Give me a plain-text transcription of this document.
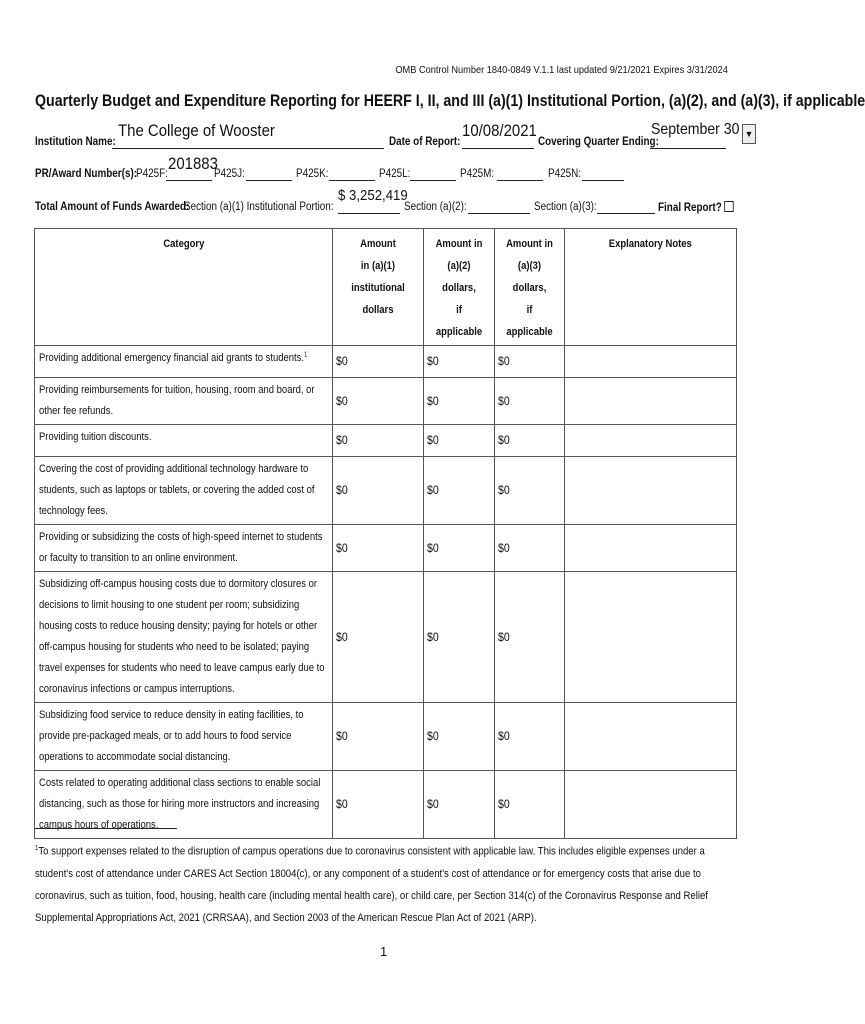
OMB Control Number 1840-0849 V.1.1 last updated 9/21/2021 Expires 3/31/2024
Quarterly Budget and Expenditure Reporting for HEERF I, II, and III (a)(1) Institutional Portion, (a)(2), and (a)(3), if applicable
Institution Name:
The College of Wooster
Date of Report:
10/08/2021
Covering Quarter Ending:
September 30 ▼
PR/Award Number(s):
P425F:
201883
P425J:	P425K:	P425L:	P425M:	P425N:
Total Amount of Funds Awarded:
Section (a)(1) Institutional Portion:
$ 3,252,419
Section (a)(2):	Section (a)(3):	Final Report?
Category	Amount
in (a)(1)
institutional dollars	Amount in
(a)(2) dollars,
if applicable	Amount in
(a)(3) dollars,
if applicable	Explanatory Notes

Providing additional emergency financial aid grants to students.$^1$	$0	$0	$0	

Providing reimbursements for tuition, housing, room and board, or other fee refunds.	$0	$0	$0	

Providing tuition discounts.	$0	$0	$0	

Covering the cost of providing additional technology hardware to students, such as laptops or tablets, or covering the added cost of technology fees.	$0	$0	$0	

Providing or subsidizing the costs of high-speed internet to students or faculty to transition to an online environment.	$0	$0	$0	

Subsidizing off-campus housing costs due to dormitory closures or decisions to limit housing to one student per room; subsidizing housing costs to reduce housing density; paying for hotels or other off-campus housing for students who need to be isolated; paying travel expenses for students who need to leave campus early due to coronavirus infections or campus interruptions.	$0	$0	$0	

Subsidizing food service to reduce density in eating facilities, to provide pre-packaged meals, or to add hours to food service operations to accommodate social distancing.	$0	$0	$0	

Costs related to operating additional class sections to enable social distancing, such as those for hiring more instructors and increasing campus hours of operations.	$0	$0	$0	
$^1$To support expenses related to the disruption of campus operations due to coronavirus consistent with applicable law. This includes eligible expenses under a student's cost of attendance under CARES Act Section 18004(c), or any component of a student's cost of attendance or for emergency costs that arise due to coronavirus, such as tuition, food, housing, health care (including mental health care), or child care, per Section 314(c) of the Coronavirus Response and Relief Supplemental Appropriations Act, 2021 (CRRSAA), and Section 2003 of the American Rescue Plan Act of 2021 (ARP).
1
